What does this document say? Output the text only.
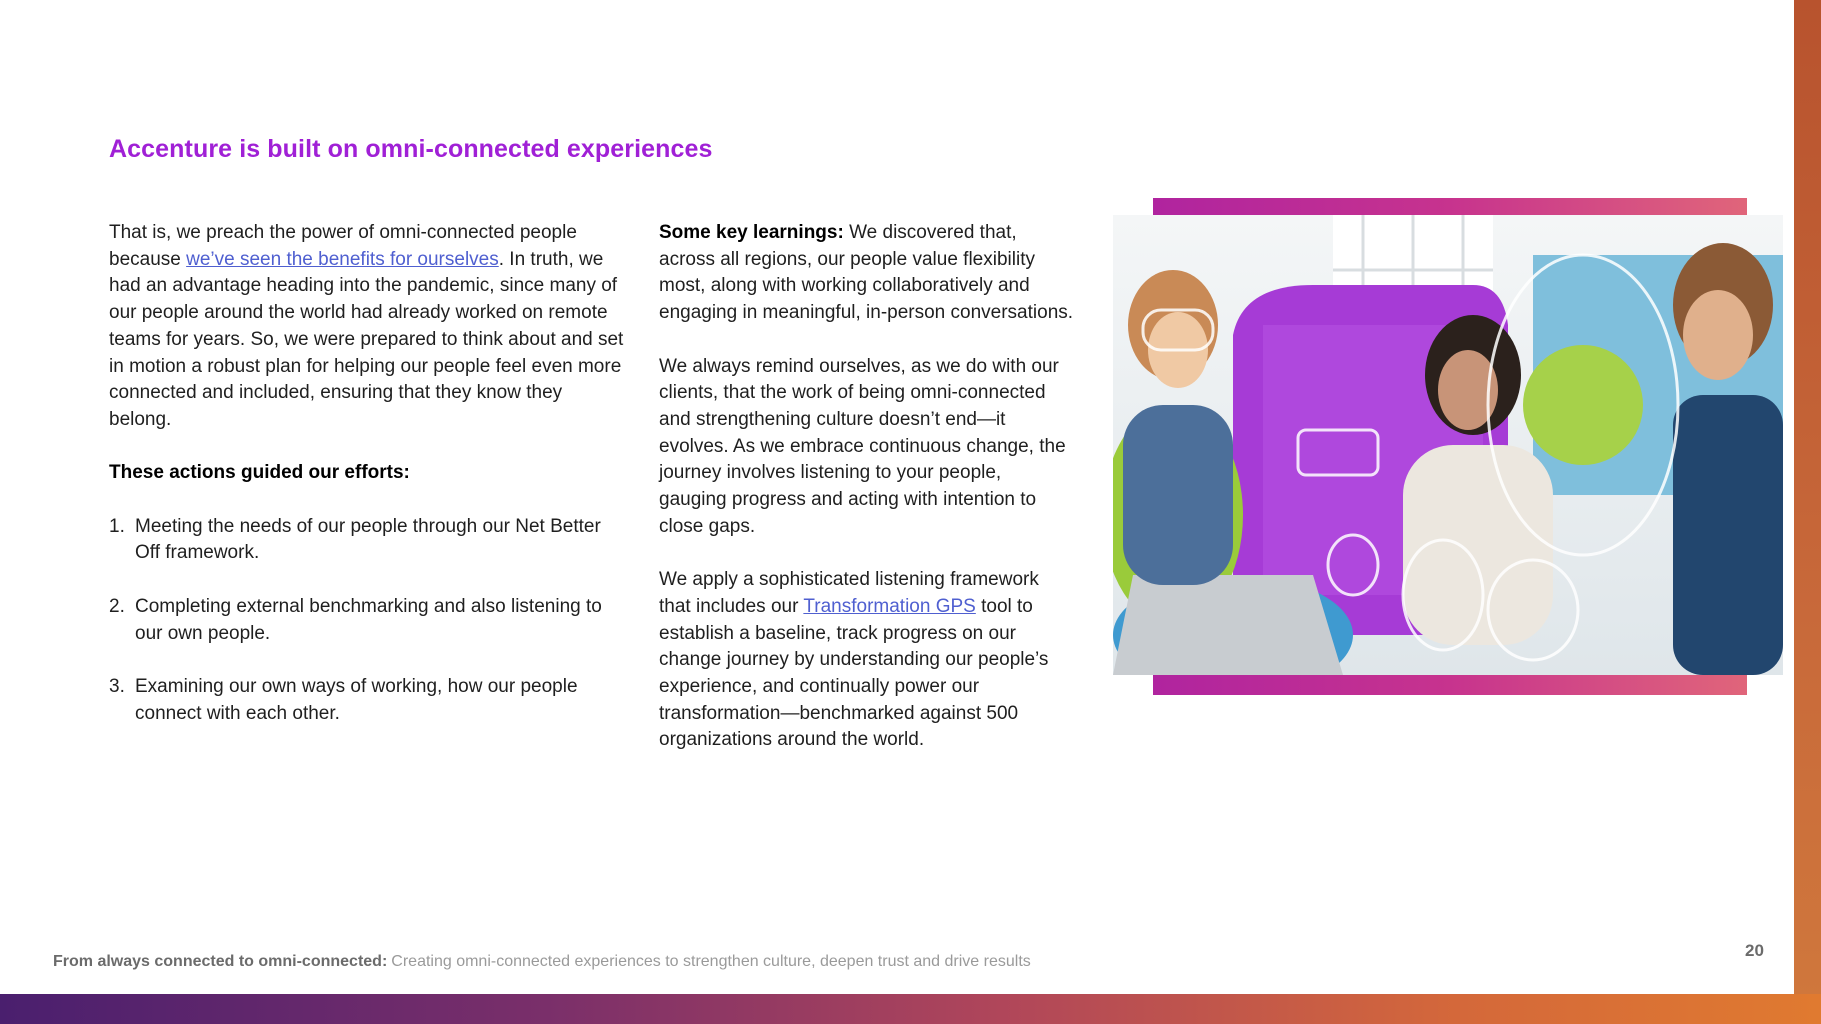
Accenture is built on omni-connected experiences

That is, we preach the power of omni-connected people because we’ve seen the benefits for ourselves. In truth, we had an advantage heading into the pandemic, since many of our people around the world had already worked on remote teams for years. So, we were prepared to think about and set in motion a robust plan for helping our people feel even more connected and included, ensuring that they know they belong.

These actions guided our efforts:

1. Meeting the needs of our people through our Net Better Off framework.
2. Completing external benchmarking and also listening to our own people.
3. Examining our own ways of working, how our people connect with each other.

Some key learnings: We discovered that, across all regions, our people value flexibility most, along with working collaboratively and engaging in meaningful, in-person conversations.

We always remind ourselves, as we do with our clients, that the work of being omni-connected and strengthening culture doesn’t end—it evolves. As we embrace continuous change, the journey involves listening to your people, gauging progress and acting with intention to close gaps.

We apply a sophisticated listening framework that includes our Transformation GPS tool to establish a baseline, track progress on our change journey by understanding our people’s experience, and continually power our transformation—benchmarked against 500 organizations around the world.

From always connected to omni-connected: Creating omni-connected experiences to strengthen culture, deepen trust and drive results
20
